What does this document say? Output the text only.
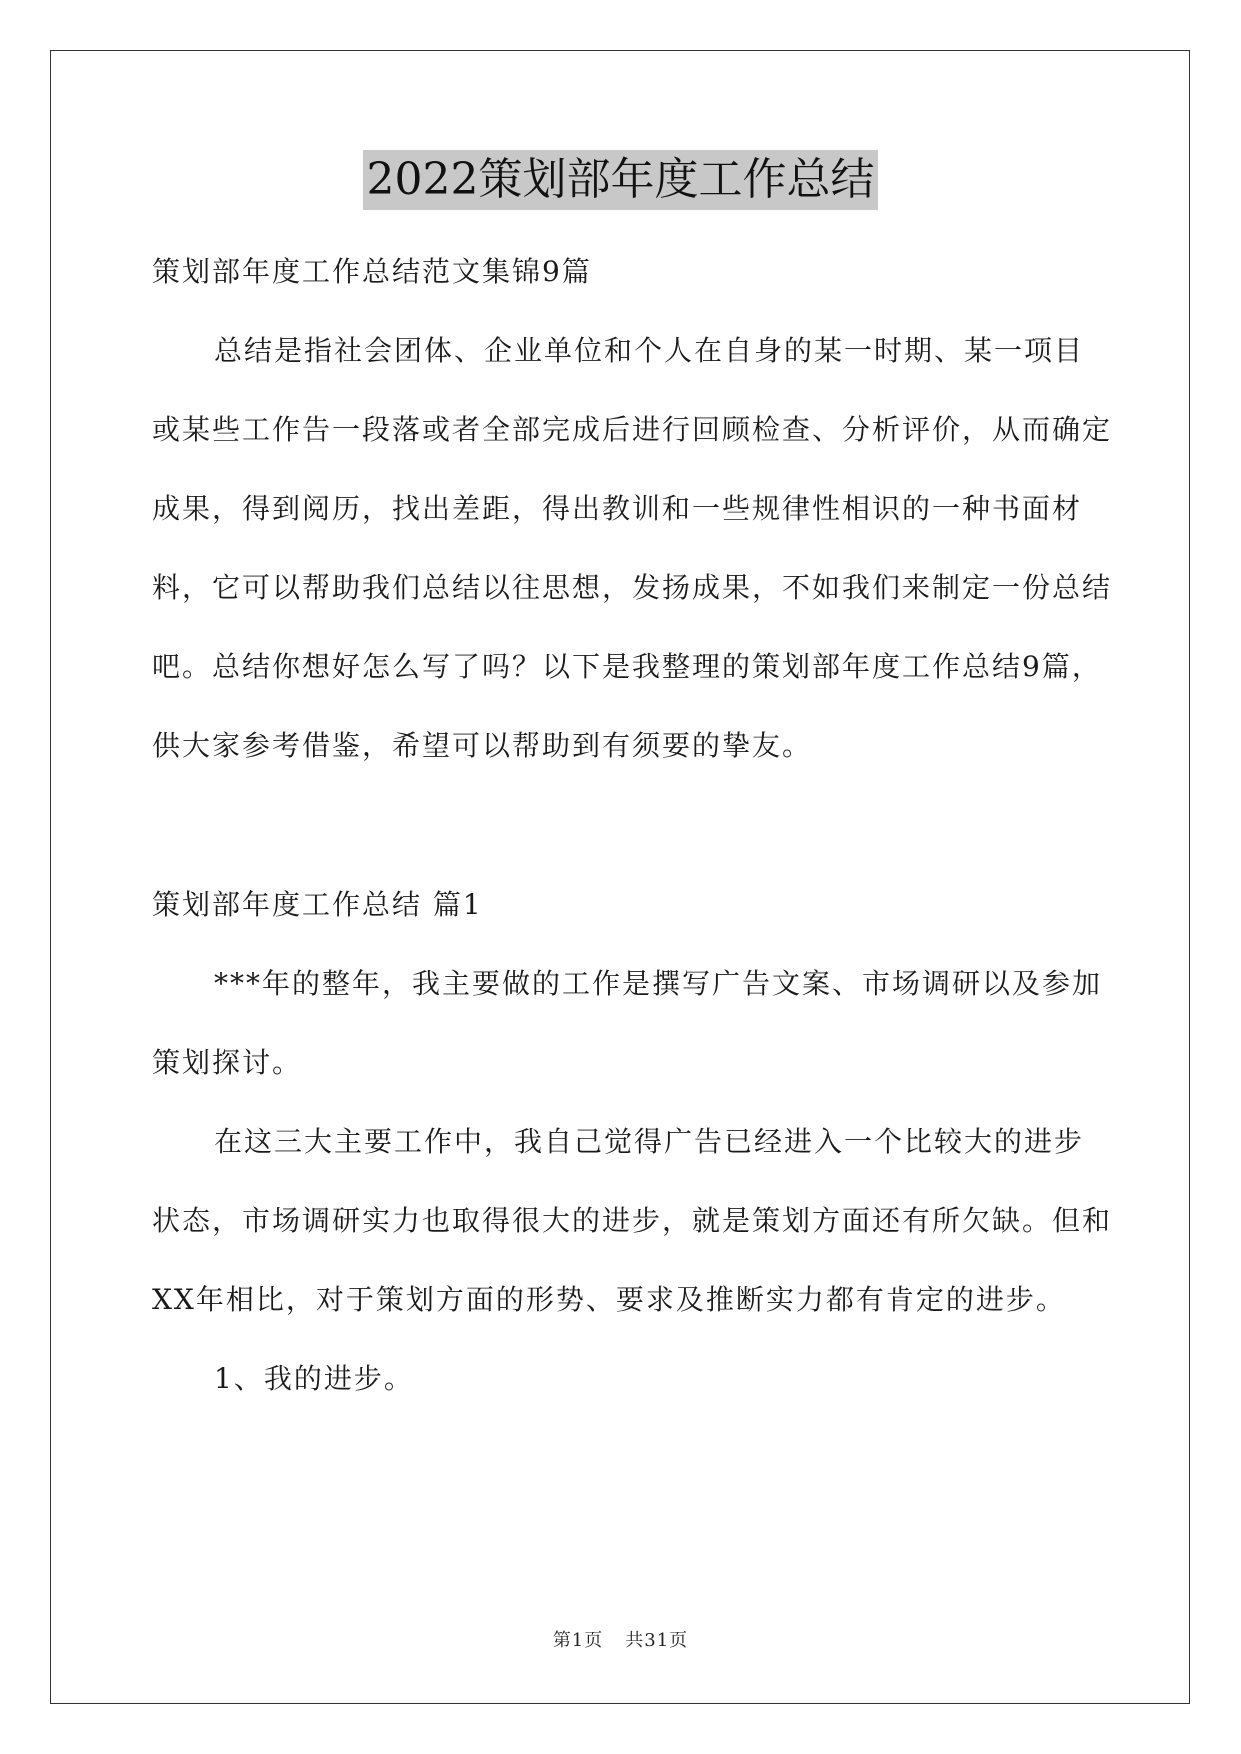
2022策划部年度工作总结

策划部年度工作总结范文集锦9篇

总结是指社会团体、企业单位和个人在自身的某一时期、某一项目或某些工作告一段落或者全部完成后进行回顾检查、分析评价，从而确定成果，得到阅历，找出差距，得出教训和一些规律性相识的一种书面材料，它可以帮助我们总结以往思想，发扬成果，不如我们来制定一份总结吧。总结你想好怎么写了吗？以下是我整理的策划部年度工作总结9篇，供大家参考借鉴，希望可以帮助到有须要的挚友。

策划部年度工作总结 篇1

***年的整年，我主要做的工作是撰写广告文案、市场调研以及参加策划探讨。

在这三大主要工作中，我自己觉得广告已经进入一个比较大的进步状态，市场调研实力也取得很大的进步，就是策划方面还有所欠缺。但和XX年相比，对于策划方面的形势、要求及推断实力都有肯定的进步。

1、我的进步。

第1页 共31页
